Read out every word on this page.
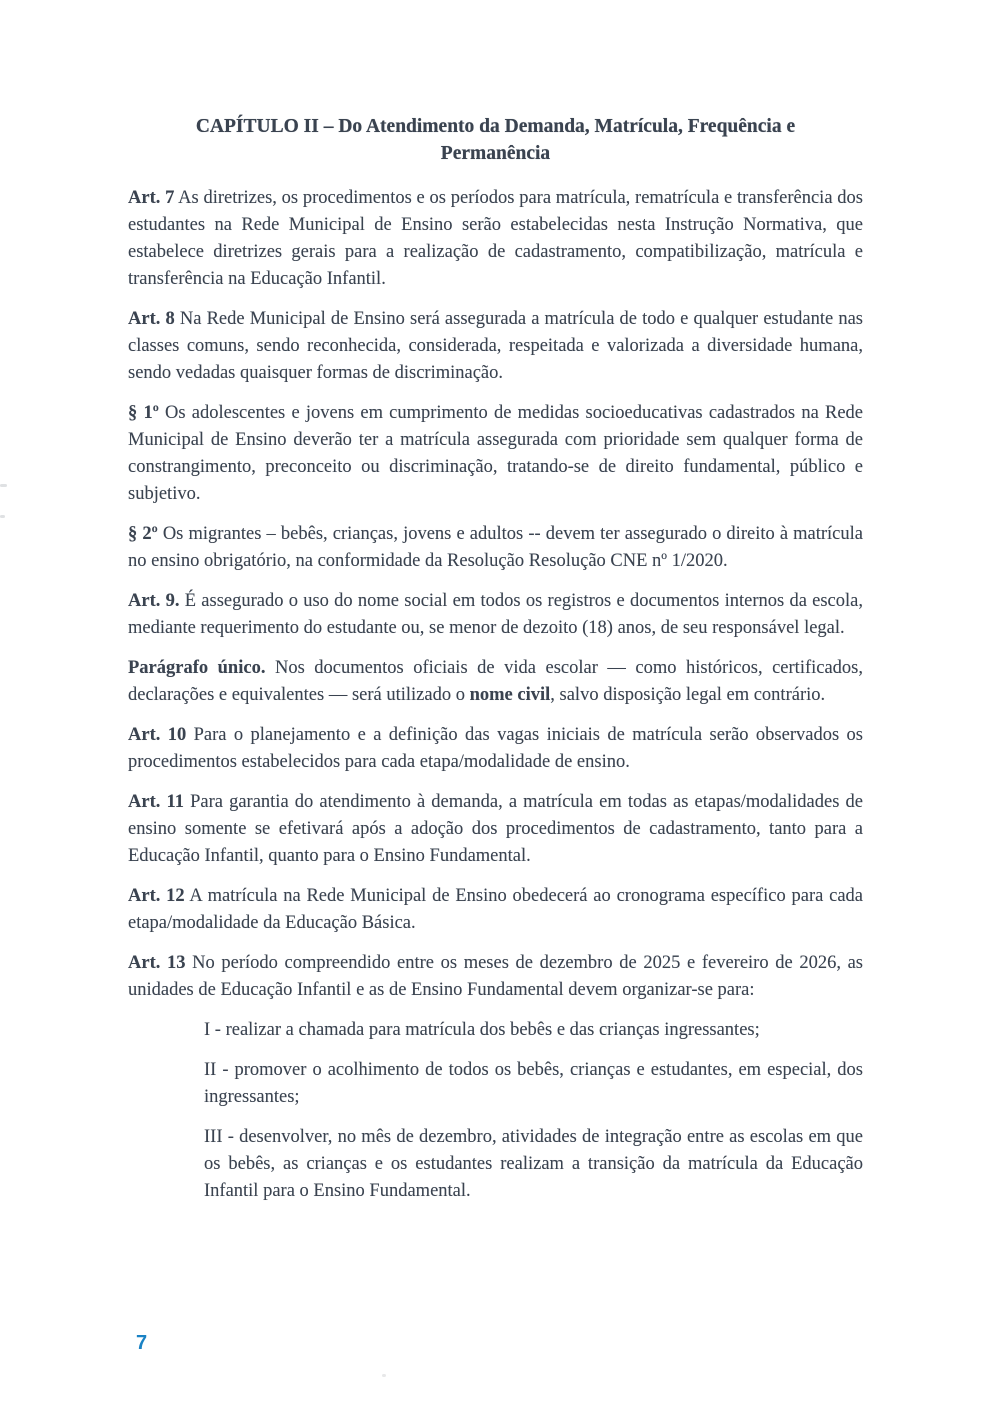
CAPÍTULO II – Do Atendimento da Demanda, Matrícula, Frequência e
Permanência

Art. 7 As diretrizes, os procedimentos e os períodos para matrícula, rematrícula e transferência dos estudantes na Rede Municipal de Ensino serão estabelecidas nesta Instrução Normativa, que estabelece diretrizes gerais para a realização de cadastramento, compatibilização, matrícula e transferência na Educação Infantil.

Art. 8 Na Rede Municipal de Ensino será assegurada a matrícula de todo e qualquer estudante nas classes comuns, sendo reconhecida, considerada, respeitada e valorizada a diversidade humana, sendo vedadas quaisquer formas de discriminação.

§ 1º Os adolescentes e jovens em cumprimento de medidas socioeducativas cadastrados na Rede Municipal de Ensino deverão ter a matrícula assegurada com prioridade sem qualquer forma de constrangimento, preconceito ou discriminação, tratando-se de direito fundamental, público e subjetivo.

§ 2º Os migrantes – bebês, crianças, jovens e adultos -- devem ter assegurado o direito à matrícula no ensino obrigatório, na conformidade da Resolução Resolução CNE nº 1/2020.

Art. 9. É assegurado o uso do nome social em todos os registros e documentos internos da escola, mediante requerimento do estudante ou, se menor de dezoito (18) anos, de seu responsável legal.

Parágrafo único. Nos documentos oficiais de vida escolar — como históricos, certificados, declarações e equivalentes — será utilizado o nome civil, salvo disposição legal em contrário.

Art. 10 Para o planejamento e a definição das vagas iniciais de matrícula serão observados os procedimentos estabelecidos para cada etapa/modalidade de ensino.

Art. 11 Para garantia do atendimento à demanda, a matrícula em todas as etapas/modalidades de ensino somente se efetivará após a adoção dos procedimentos de cadastramento, tanto para a Educação Infantil, quanto para o Ensino Fundamental.

Art. 12 A matrícula na Rede Municipal de Ensino obedecerá ao cronograma específico para cada etapa/modalidade da Educação Básica.

Art. 13 No período compreendido entre os meses de dezembro de 2025 e fevereiro de 2026, as unidades de Educação Infantil e as de Ensino Fundamental devem organizar-se para:

I - realizar a chamada para matrícula dos bebês e das crianças ingressantes;

II - promover o acolhimento de todos os bebês, crianças e estudantes, em especial, dos ingressantes;

III - desenvolver, no mês de dezembro, atividades de integração entre as escolas em que os bebês, as crianças e os estudantes realizam a transição da matrícula da Educação Infantil para o Ensino Fundamental.

7
